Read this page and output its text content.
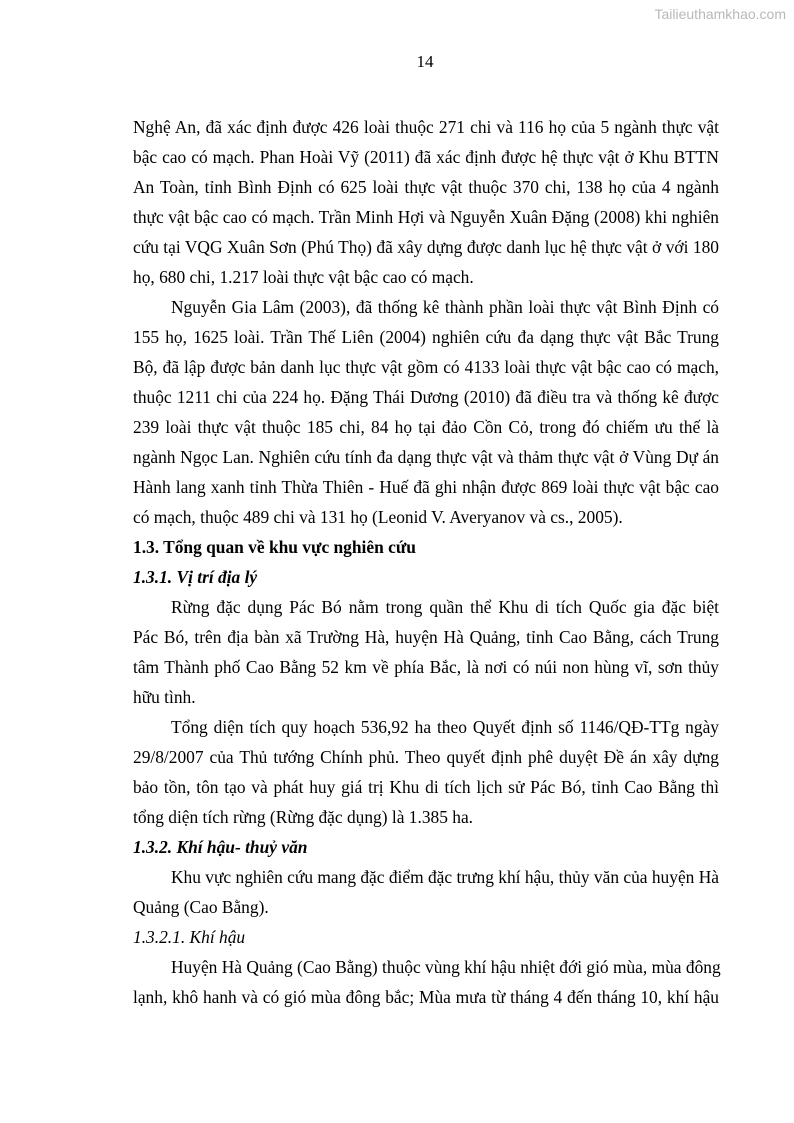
Tailieuthamkhao.com
14
Nghệ An, đã xác định được 426 loài thuộc 271 chi và 116 họ của 5 ngành thực vật
bậc cao có mạch. Phan Hoài Vỹ (2011) đã xác định được hệ thực vật ở Khu BTTN
An Toàn, tỉnh Bình Định có 625 loài thực vật thuộc 370 chi, 138 họ của 4 ngành
thực vật bậc cao có mạch. Trần Minh Hợi và Nguyễn Xuân Đặng (2008) khi nghiên
cứu tại VQG Xuân Sơn (Phú Thọ) đã xây dựng được danh lục hệ thực vật ở với 180
họ, 680 chi, 1.217 loài thực vật bậc cao có mạch.
Nguyễn Gia Lâm (2003), đã thống kê thành phần loài thực vật Bình Định có
155 họ, 1625 loài. Trần Thế Liên (2004) nghiên cứu đa dạng thực vật Bắc Trung
Bộ, đã lập được bản danh lục thực vật gồm có 4133 loài thực vật bậc cao có mạch,
thuộc 1211 chi của 224 họ. Đặng Thái Dương (2010) đã điều tra và thống kê được
239 loài thực vật thuộc 185 chi, 84 họ tại đảo Cồn Cỏ, trong đó chiếm ưu thế là
ngành Ngọc Lan. Nghiên cứu tính đa dạng thực vật và thảm thực vật ở Vùng Dự án
Hành lang xanh tỉnh Thừa Thiên - Huế đã ghi nhận được 869 loài thực vật bậc cao
có mạch, thuộc 489 chi và 131 họ (Leonid V. Averyanov và cs., 2005).
1.3. Tổng quan về khu vực nghiên cứu
1.3.1. Vị trí địa lý
Rừng đặc dụng Pác Bó nằm trong quần thể Khu di tích Quốc gia đặc biệt
Pác Bó, trên địa bàn xã Trường Hà, huyện Hà Quảng, tỉnh Cao Bằng, cách Trung
tâm Thành phố Cao Bằng 52 km về phía Bắc, là nơi có núi non hùng vĩ, sơn thủy
hữu tình.
Tổng diện tích quy hoạch 536,92 ha theo Quyết định số 1146/QĐ-TTg ngày
29/8/2007 của Thủ tướng Chính phủ. Theo quyết định phê duyệt Đề án xây dựng
bảo tồn, tôn tạo và phát huy giá trị Khu di tích lịch sử Pác Bó, tỉnh Cao Bằng thì
tổng diện tích rừng (Rừng đặc dụng) là 1.385 ha.
1.3.2. Khí hậu- thuỷ văn
Khu vực nghiên cứu mang đặc điểm đặc trưng khí hậu, thủy văn của huyện Hà
Quảng (Cao Bằng).
1.3.2.1. Khí hậu
Huyện Hà Quảng (Cao Bằng) thuộc vùng khí hậu nhiệt đới gió mùa, mùa đông
lạnh, khô hanh và có gió mùa đông bắc; Mùa mưa từ tháng 4 đến tháng 10, khí hậu
